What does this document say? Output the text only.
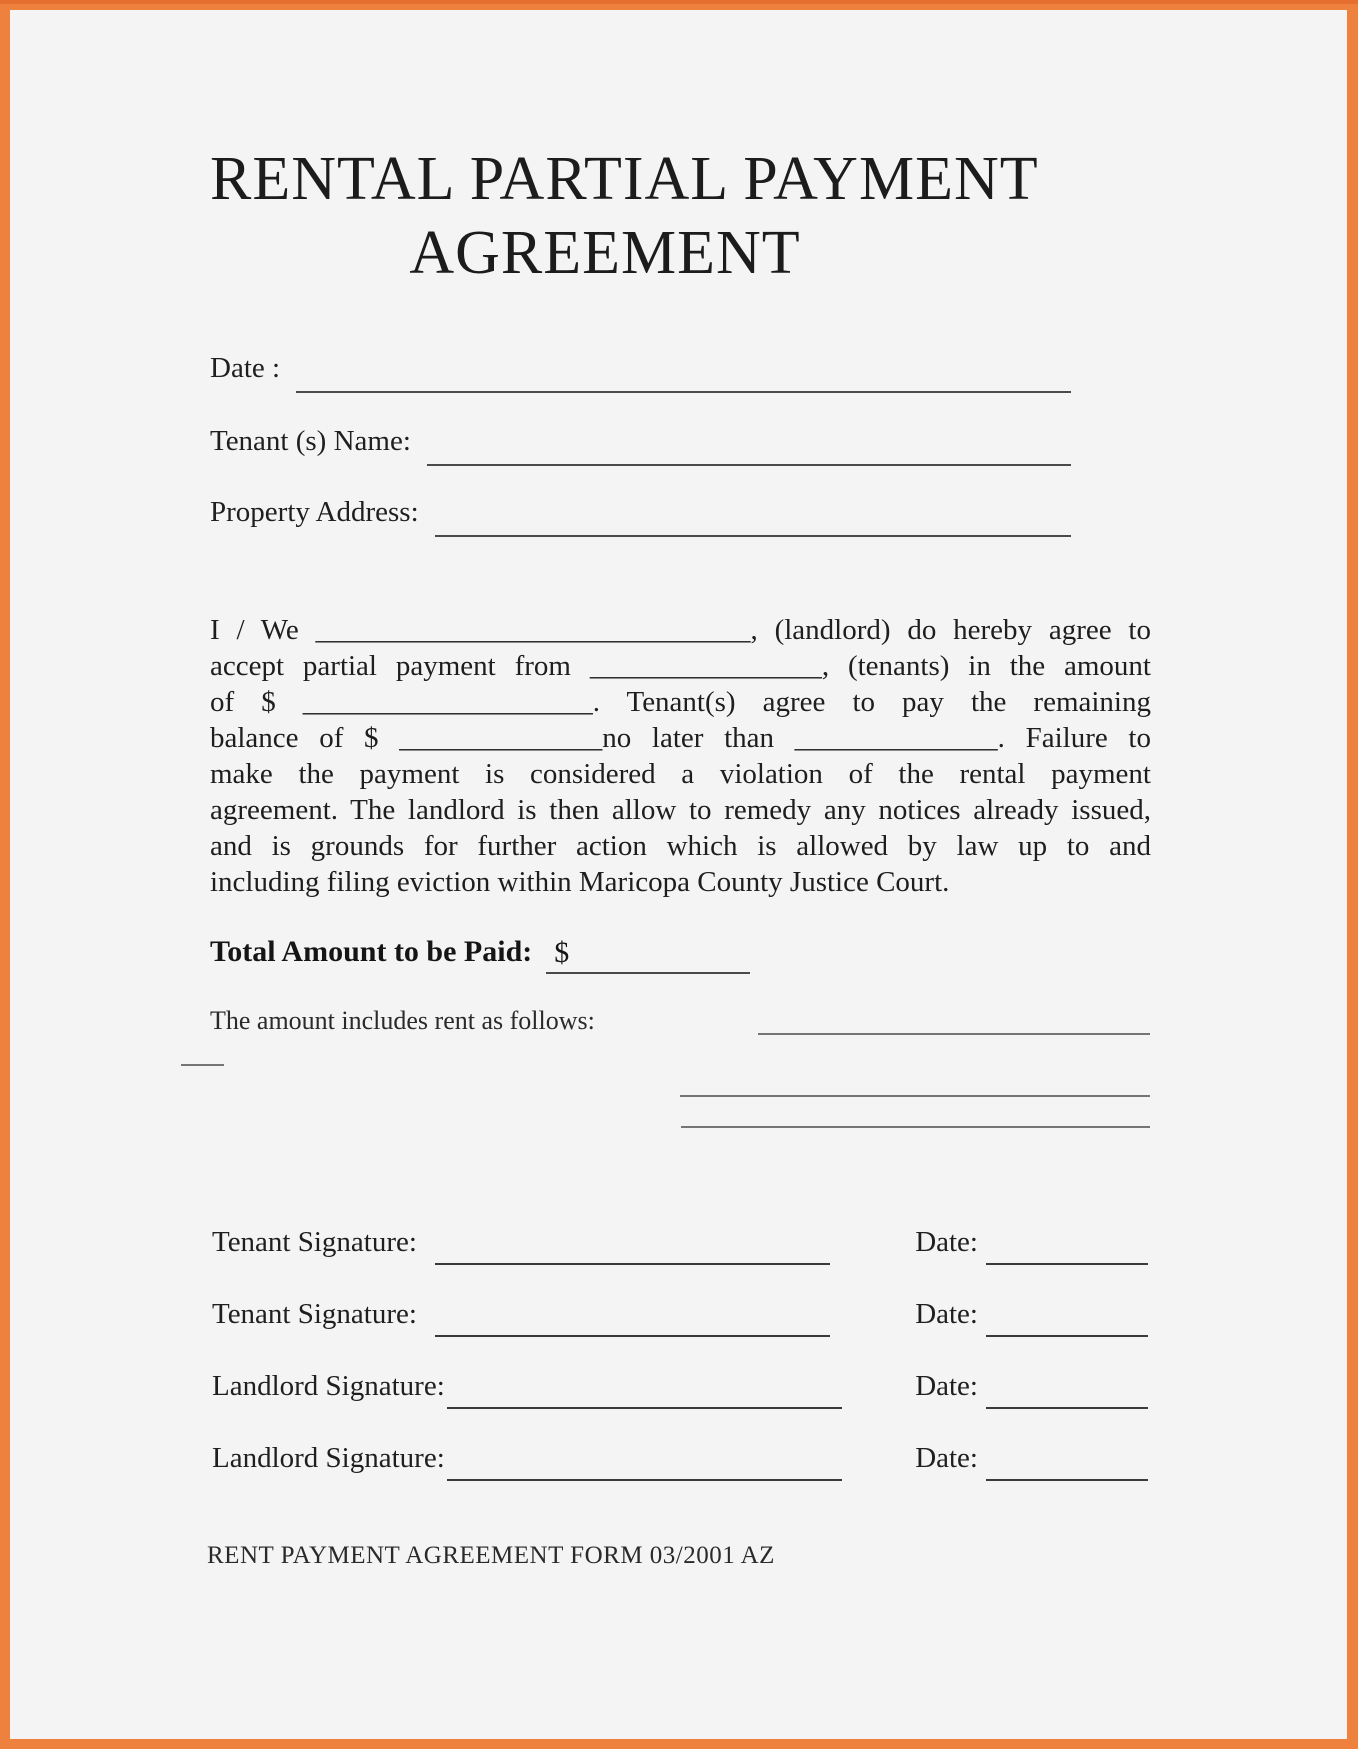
RENTAL PARTIAL PAYMENT
AGREEMENT
Date :
Tenant (s) Name:
Property Address:
I / We ______________________________, (landlord) do hereby agree to
accept partial payment from ________________, (tenants) in the amount
of $ ____________________. Tenant(s) agree to pay the remaining
balance of $ ______________no later than ______________. Failure to
make the payment is considered a violation of the rental payment
agreement. The landlord is then allow to remedy any notices already issued,
and is grounds for further action which is allowed by law up to and
including filing eviction within Maricopa County Justice Court.
Total Amount to be Paid: $
The amount includes rent as follows:
Tenant Signature:	Date:
Tenant Signature:	Date:
Landlord Signature:	Date:
Landlord Signature:	Date:
RENT PAYMENT AGREEMENT FORM 03/2001 AZ
